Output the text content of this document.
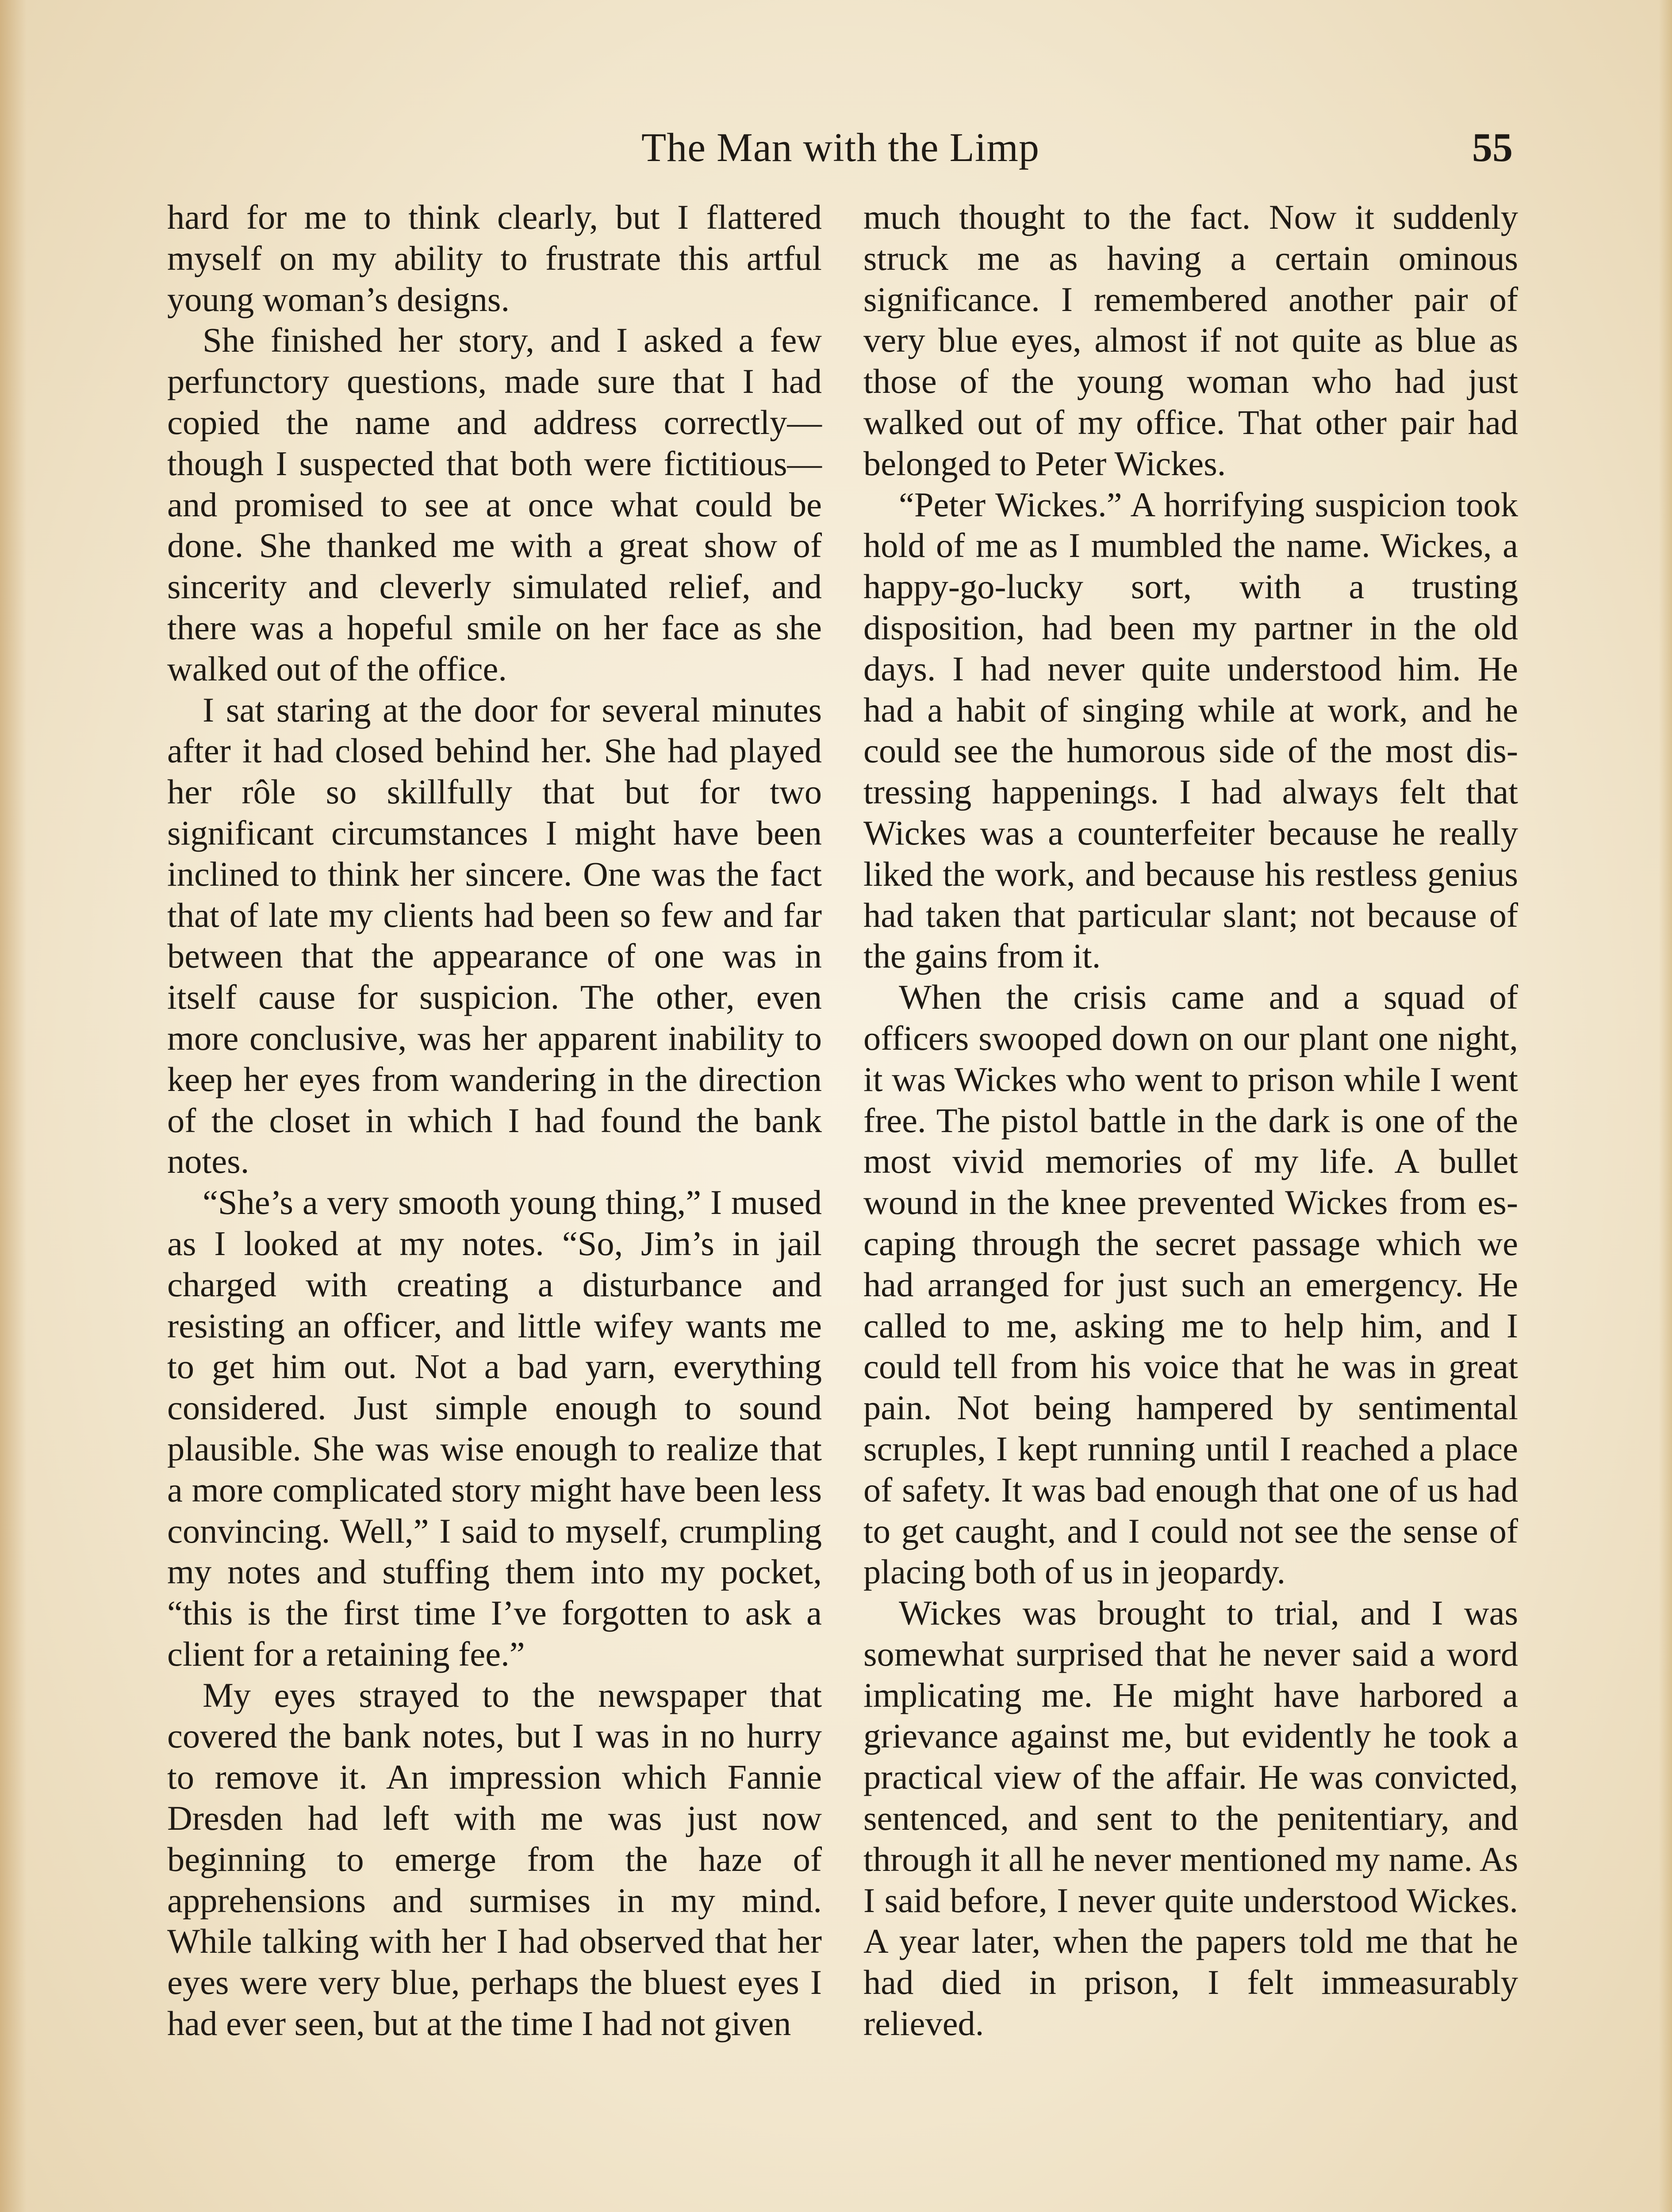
The Man with the Limp	55

hard for me to think clearly, but I flattered myself on my ability to frustrate this artful young woman’s designs.

She finished her story, and I asked a few perfunctory questions, made sure that I had copied the name and address correctly—though I suspected that both were fictitious—and promised to see at once what could be done. She thanked me with a great show of sincerity and cleverly simulated relief, and there was a hopeful smile on her face as she walked out of the office.

I sat staring at the door for several minutes after it had closed behind her. She had played her rôle so skillfully that but for two significant circumstances I might have been inclined to think her sincere. One was the fact that of late my clients had been so few and far between that the appearance of one was in itself cause for suspicion. The other, even more conclusive, was her apparent inability to keep her eyes from wandering in the direction of the closet in which I had found the bank notes.

“She’s a very smooth young thing,” I mused as I looked at my notes. “So, Jim’s in jail charged with creating a disturbance and resisting an officer, and little wifey wants me to get him out. Not a bad yarn, everything considered. Just simple enough to sound plausible. She was wise enough to realize that a more complicated story might have been less convincing. Well,” I said to myself, crumpling my notes and stuffing them into my pocket, “this is the first time I’ve forgotten to ask a client for a retaining fee.”

My eyes strayed to the newspaper that covered the bank notes, but I was in no hurry to remove it. An impression which Fannie Dresden had left with me was just now beginning to emerge from the haze of apprehensions and surmises in my mind. While talking with her I had observed that her eyes were very blue, perhaps the bluest eyes I had ever seen, but at the time I had not given

much thought to the fact. Now it suddenly struck me as having a certain ominous significance. I remembered another pair of very blue eyes, almost if not quite as blue as those of the young woman who had just walked out of my office. That other pair had belonged to Peter Wickes.

“Peter Wickes.” A horrifying suspicion took hold of me as I mumbled the name. Wickes, a happy-go-lucky sort, with a trusting disposition, had been my partner in the old days. I had never quite understood him. He had a habit of singing while at work, and he could see the humorous side of the most distressing happenings. I had always felt that Wickes was a counterfeiter because he really liked the work, and because his restless genius had taken that particular slant; not because of the gains from it.

When the crisis came and a squad of officers swooped down on our plant one night, it was Wickes who went to prison while I went free. The pistol battle in the dark is one of the most vivid memories of my life. A bullet wound in the knee prevented Wickes from escaping through the secret passage which we had arranged for just such an emergency. He called to me, asking me to help him, and I could tell from his voice that he was in great pain. Not being hampered by sentimental scruples, I kept running until I reached a place of safety. It was bad enough that one of us had to get caught, and I could not see the sense of placing both of us in jeopardy.

Wickes was brought to trial, and I was somewhat surprised that he never said a word implicating me. He might have harbored a grievance against me, but evidently he took a practical view of the affair. He was convicted, sentenced, and sent to the penitentiary, and through it all he never mentioned my name. As I said before, I never quite understood Wickes. A year later, when the papers told me that he had died in prison, I felt immeasurably relieved.
